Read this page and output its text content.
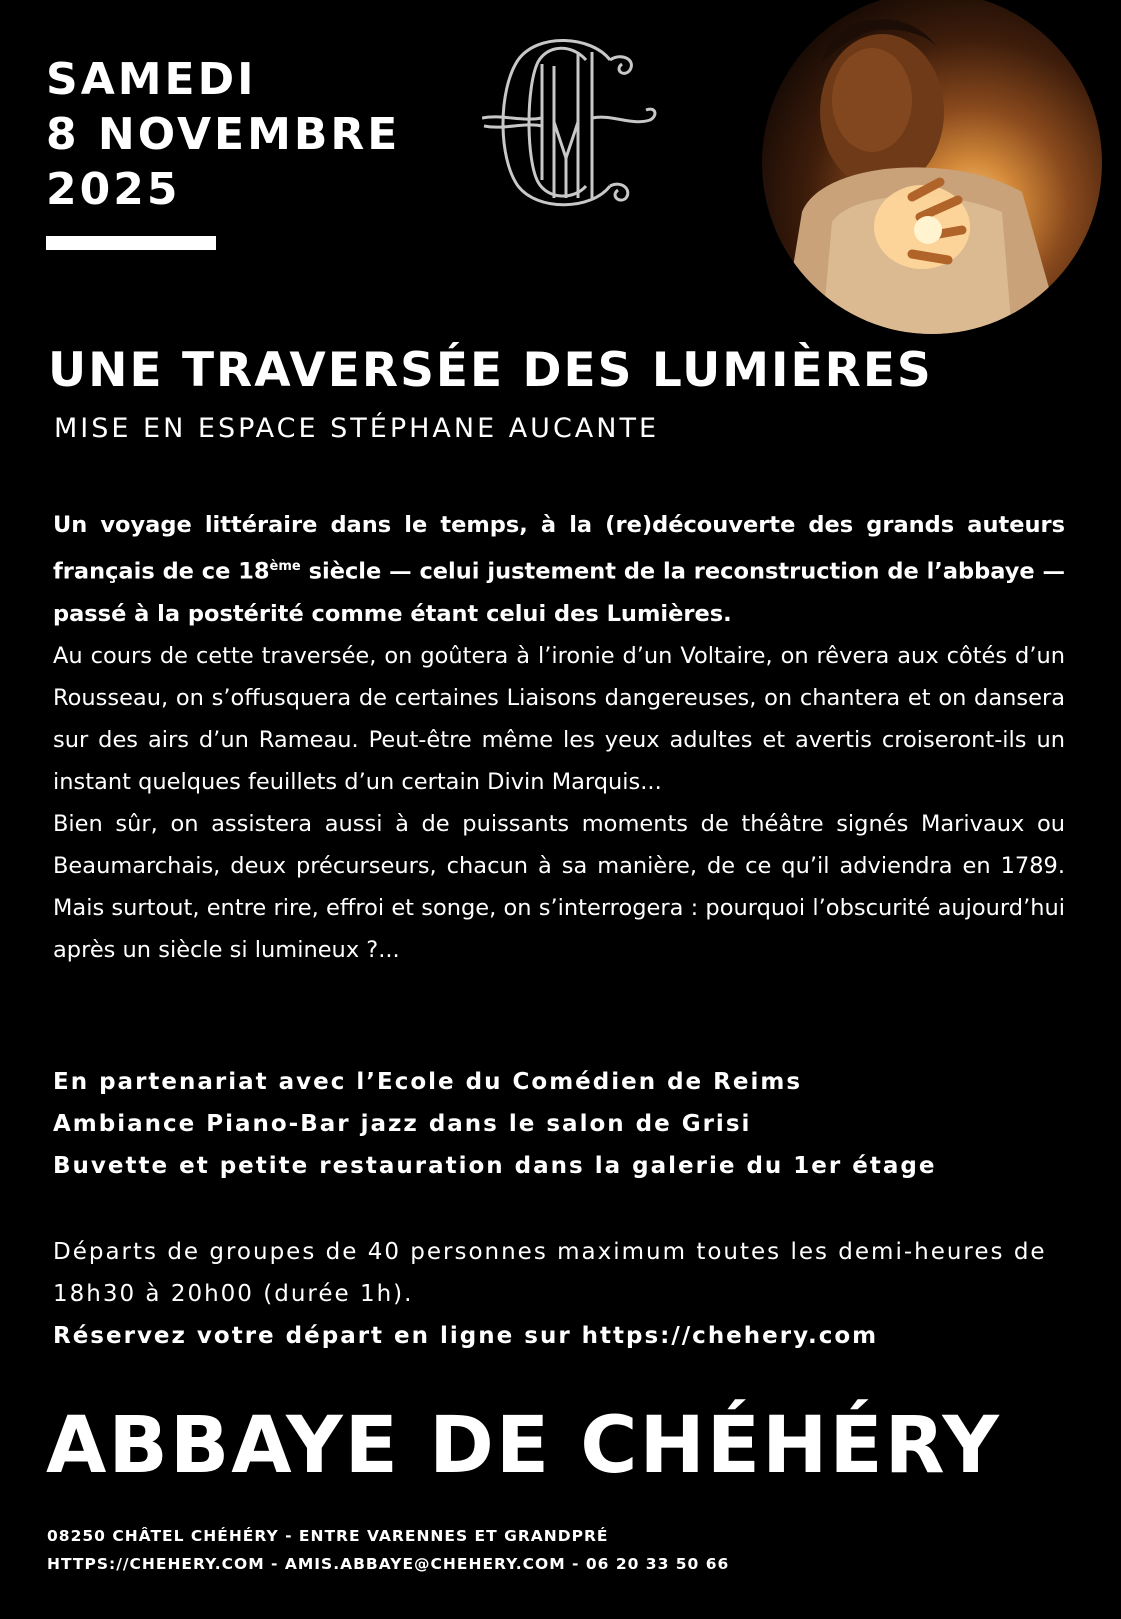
SAMEDI
8 NOVEMBRE
2025
UNE TRAVERSÉE DES LUMIÈRES
MISE EN ESPACE STÉPHANE AUCANTE

Un voyage littéraire dans le temps, à la (re)découverte des grands auteurs français de ce 18ème siècle — celui justement de la reconstruction de l’abbaye — passé à la postérité comme étant celui des Lumières.

Au cours de cette traversée, on goûtera à l’ironie d’un Voltaire, on rêvera aux côtés d’un Rousseau, on s’offusquera de certaines Liaisons dangereuses, on chantera et on dansera sur des airs d’un Rameau. Peut-être même les yeux adultes et avertis croiseront-ils un instant quelques feuillets d’un certain Divin Marquis...

Bien sûr, on assistera aussi à de puissants moments de théâtre signés Marivaux ou Beaumarchais, deux précurseurs, chacun à sa manière, de ce qu’il adviendra en 1789. Mais surtout, entre rire, effroi et songe, on s’interrogera : pourquoi l’obscurité aujourd’hui après un siècle si lumineux ?...

En partenariat avec l’Ecole du Comédien de Reims
Ambiance Piano-Bar jazz dans le salon de Grisi
Buvette et petite restauration dans la galerie du 1er étage
Départs de groupes de 40 personnes maximum toutes les demi-heures de 18h30 à 20h00 (durée 1h).
Réservez votre départ en ligne sur https://chehery.com
ABBAYE DE CHÉHÉRY
08250 CHÂTEL CHÉHÉRY - ENTRE VARENNES ET GRANDPRÉ
HTTPS://CHEHERY.COM - AMIS.ABBAYE@CHEHERY.COM - 06 20 33 50 66
